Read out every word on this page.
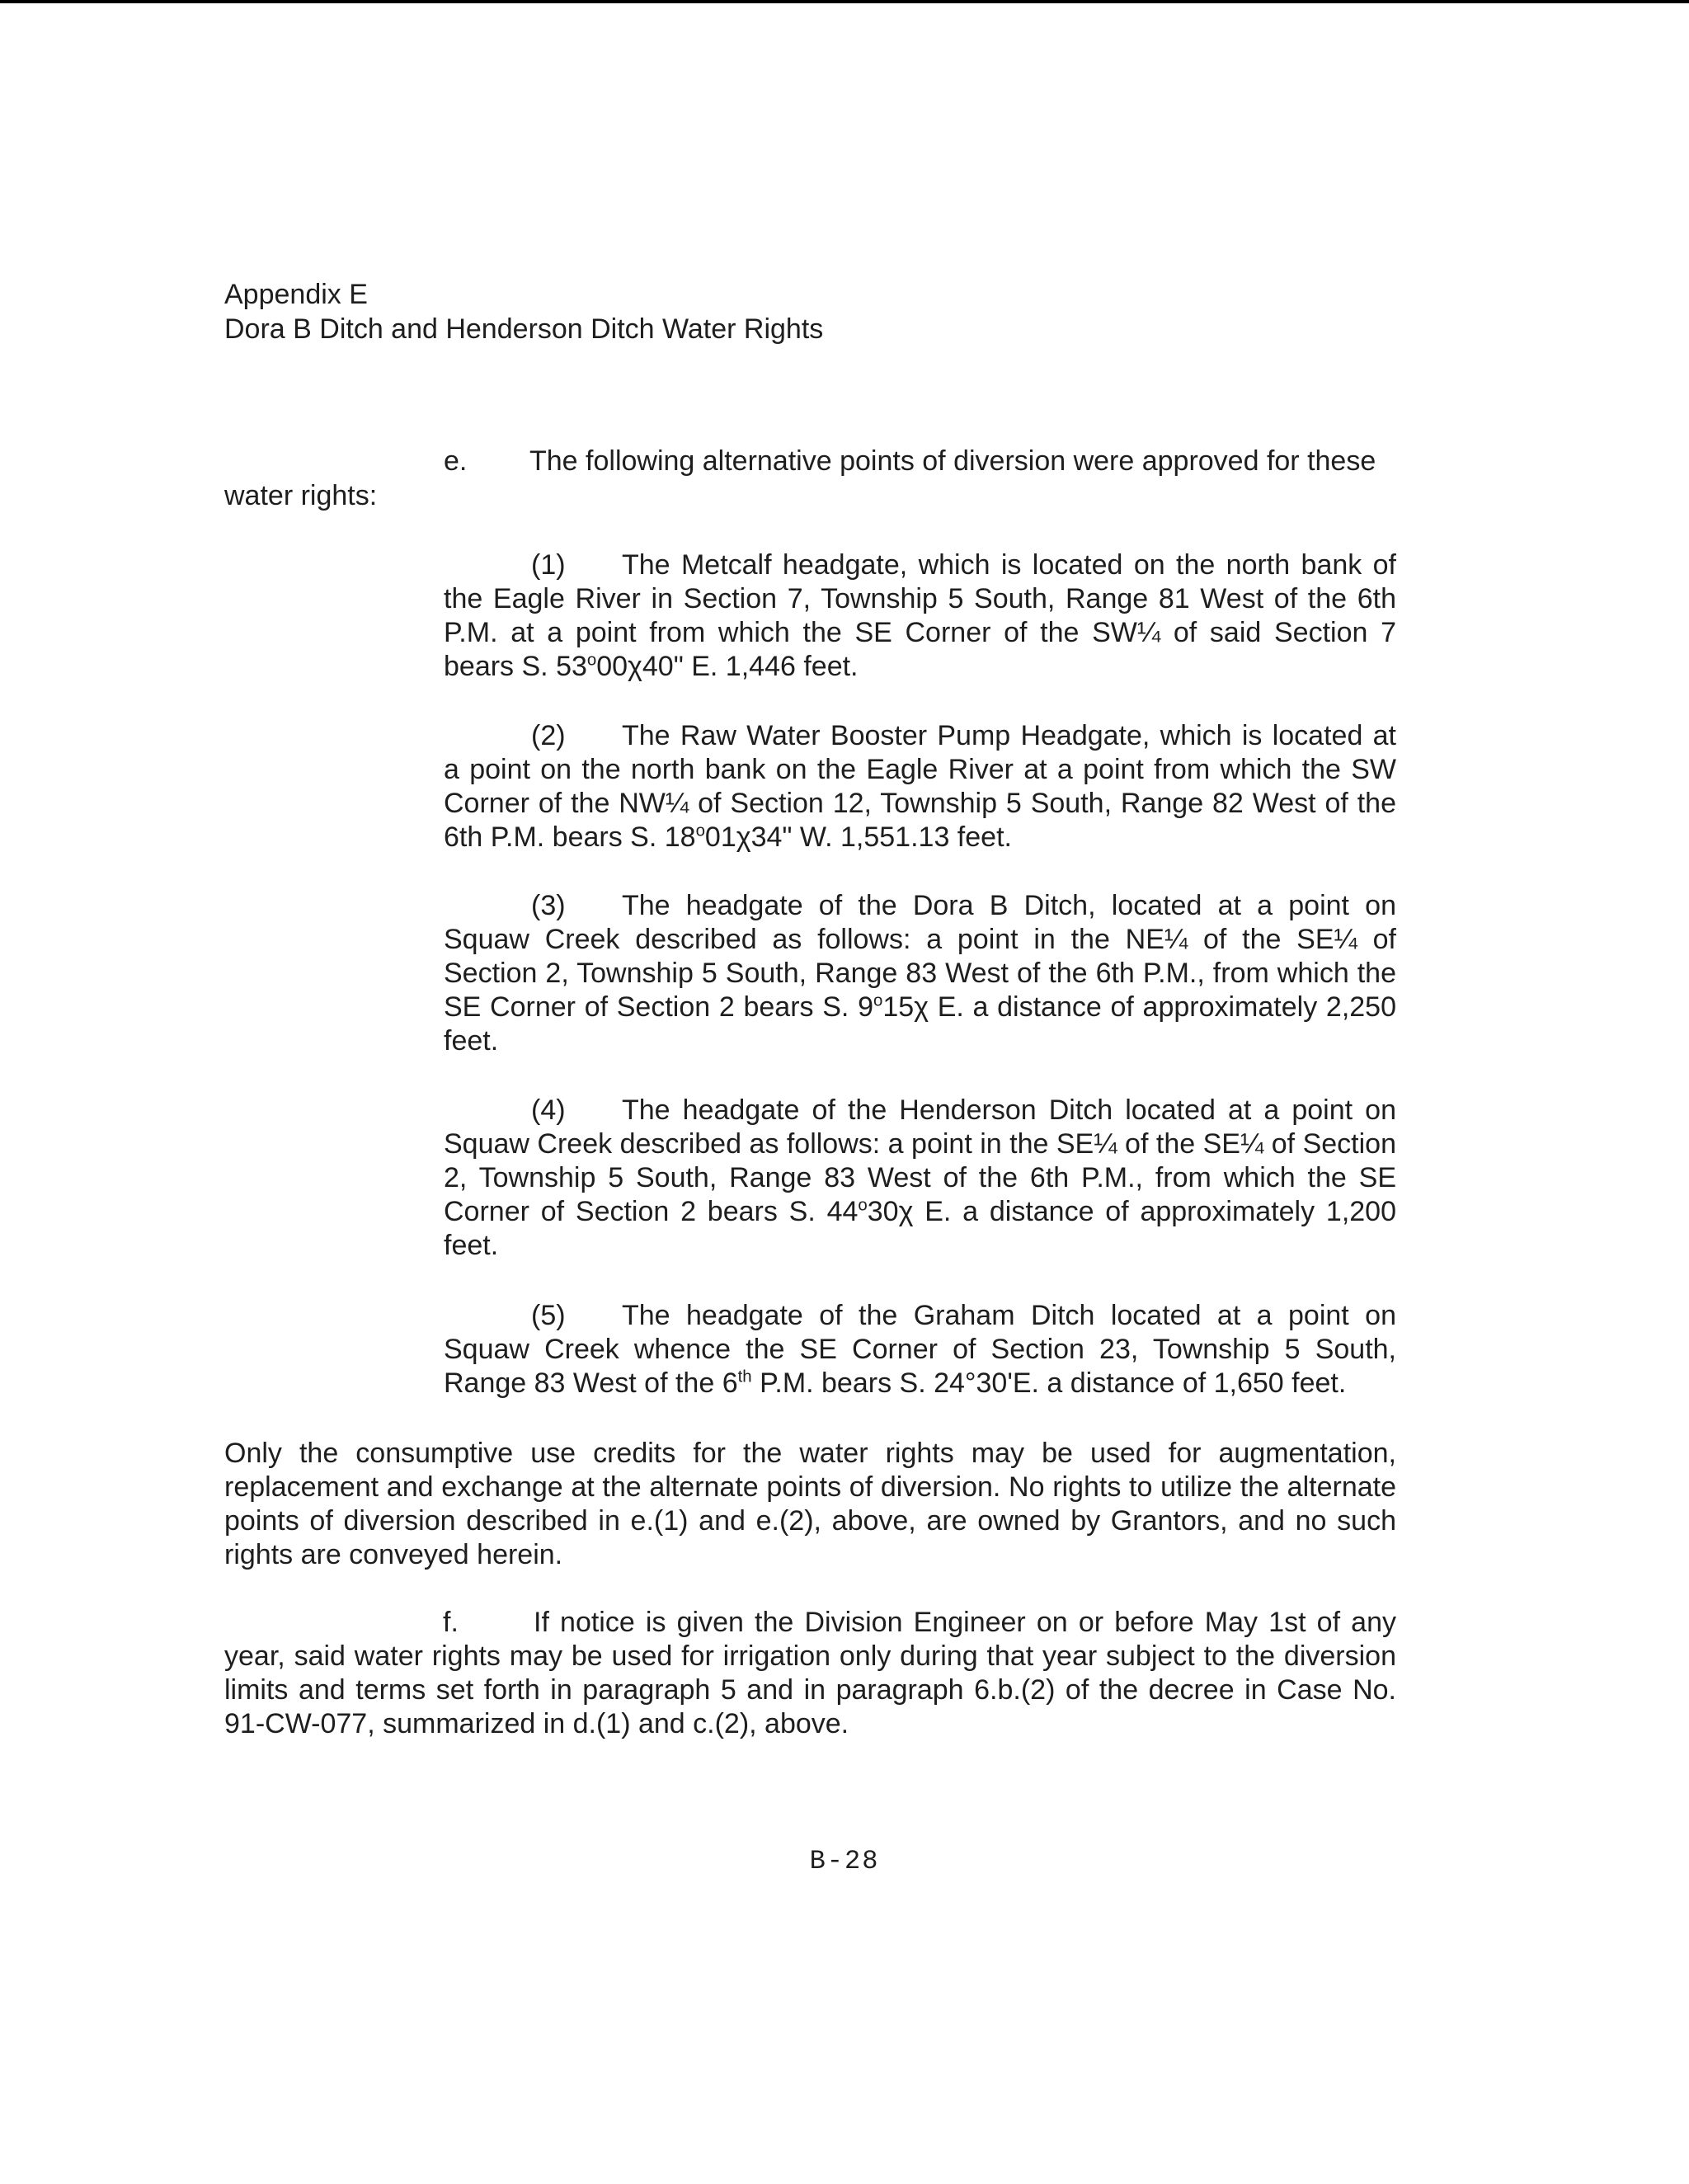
Appendix E
Dora B Ditch and Henderson Ditch Water Rights
e. The following alternative points of diversion were approved for these
water rights:
(1) The Metcalf headgate, which is located on the north bank of the Eagle River in Section 7, Township 5 South, Range 81 West of the 6th P.M. at a point from which the SE Corner of the SW¼ of said Section 7 bears S. 53$^o$00χ40" E. 1,446 feet.
(2) The Raw Water Booster Pump Headgate, which is located at a point on the north bank on the Eagle River at a point from which the SW Corner of the NW¼ of Section 12, Township 5 South, Range 82 West of the 6th P.M. bears S. 18$^o$01χ34" W. 1,551.13 feet.
(3) The headgate of the Dora B Ditch, located at a point on Squaw Creek described as follows: a point in the NE¼ of the SE¼ of Section 2, Township 5 South, Range 83 West of the 6th P.M., from which the SE Corner of Section 2 bears S. 9$^o$15χ E. a distance of approximately 2,250 feet.
(4) The headgate of the Henderson Ditch located at a point on Squaw Creek described as follows: a point in the SE¼ of the SE¼ of Section 2, Township 5 South, Range 83 West of the 6th P.M., from which the SE Corner of Section 2 bears S. 44$^o$30χ E. a distance of approximately 1,200 feet.
(5) The headgate of the Graham Ditch located at a point on Squaw Creek whence the SE Corner of Section 23, Township 5 South, Range 83 West of the 6th P.M. bears S. 24°30'E. a distance of 1,650 feet.
Only the consumptive use credits for the water rights may be used for augmentation, replacement and exchange at the alternate points of diversion. No rights to utilize the alternate points of diversion described in e.(1) and e.(2), above, are owned by Grantors, and no such rights are conveyed herein.
f.	If notice is given the Division Engineer on or before May 1st of any year, said water rights may be used for irrigation only during that year subject to the diversion limits and terms set forth in paragraph 5 and in paragraph 6.b.(2) of the decree in Case No. 91-CW-077, summarized in d.(1) and c.(2), above.
B-28
